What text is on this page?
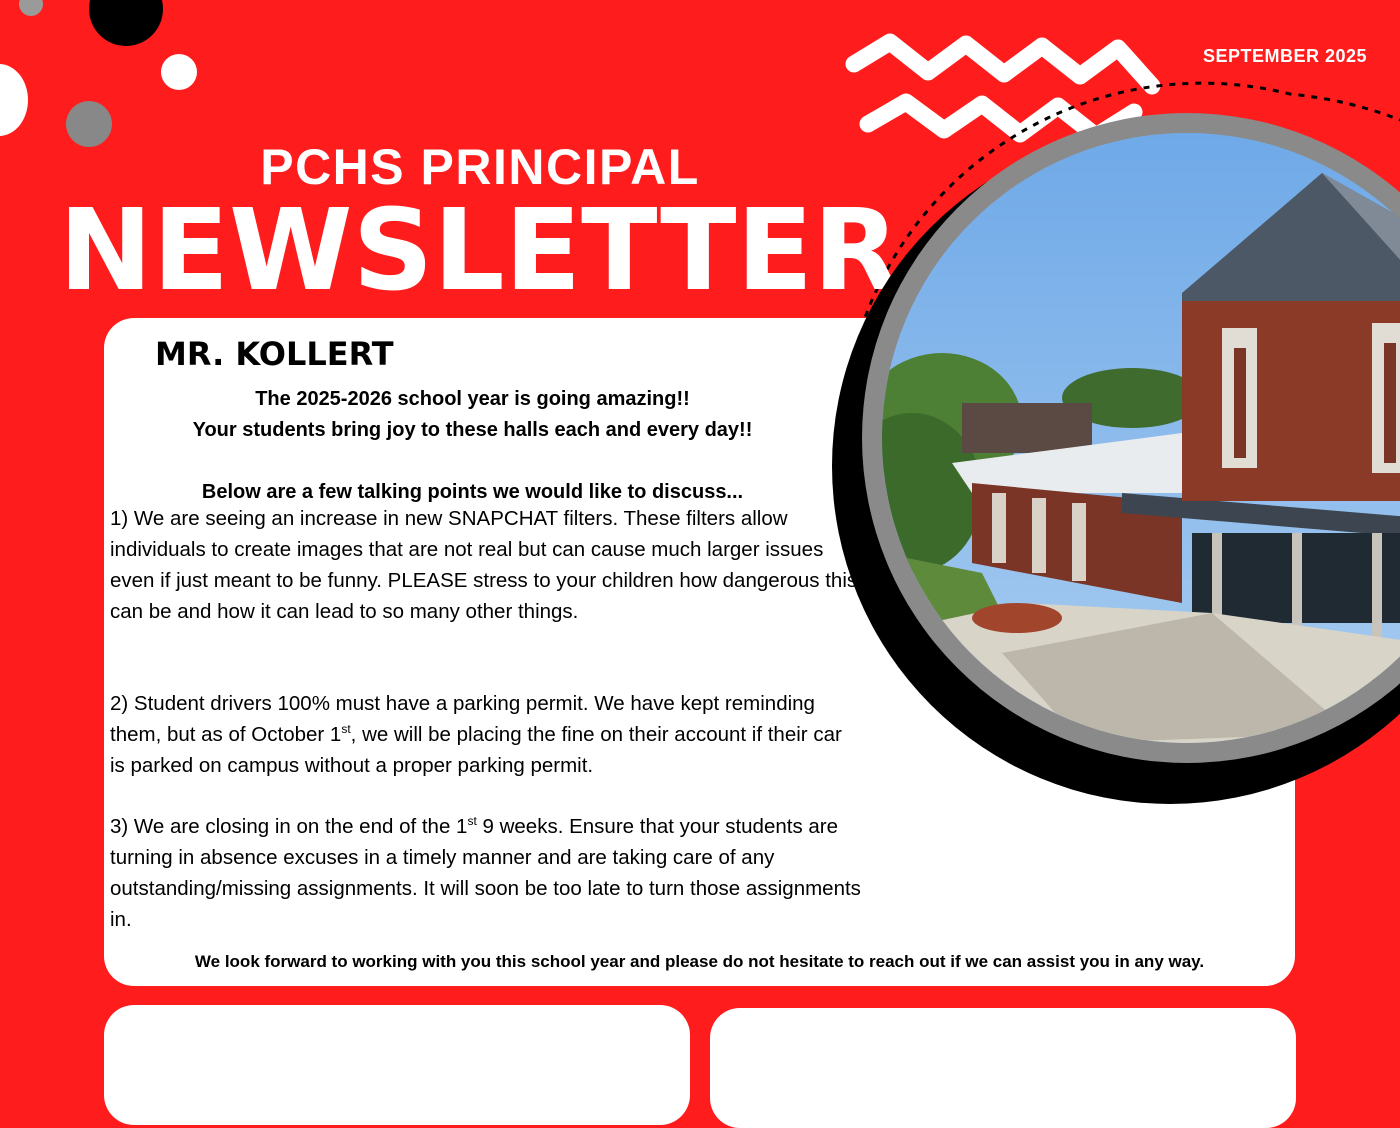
SEPTEMBER 2025
PCHS PRINCIPAL
NEWSLETTER
MR. KOLLERT
The 2025-2026 school year is going amazing!!
Your students bring joy to these halls each and every day!!
Below are a few talking points we would like to discuss...
1) We are seeing an increase in new SNAPCHAT filters. These filters allow individuals to create images that are not real but can cause much larger issues even if just meant to be funny. PLEASE stress to your children how dangerous this can be and how it can lead to so many other things.
2) Student drivers 100% must have a parking permit. We have kept reminding them, but as of October 1st, we will be placing the fine on their account if their car is parked on campus without a proper parking permit.
3) We are closing in on the end of the 1st 9 weeks. Ensure that your students are turning in absence excuses in a timely manner and are taking care of any outstanding/missing assignments. It will soon be too late to turn those assignments in.
We look forward to working with you this school year and please do not hesitate to reach out if we can assist you in any way.
